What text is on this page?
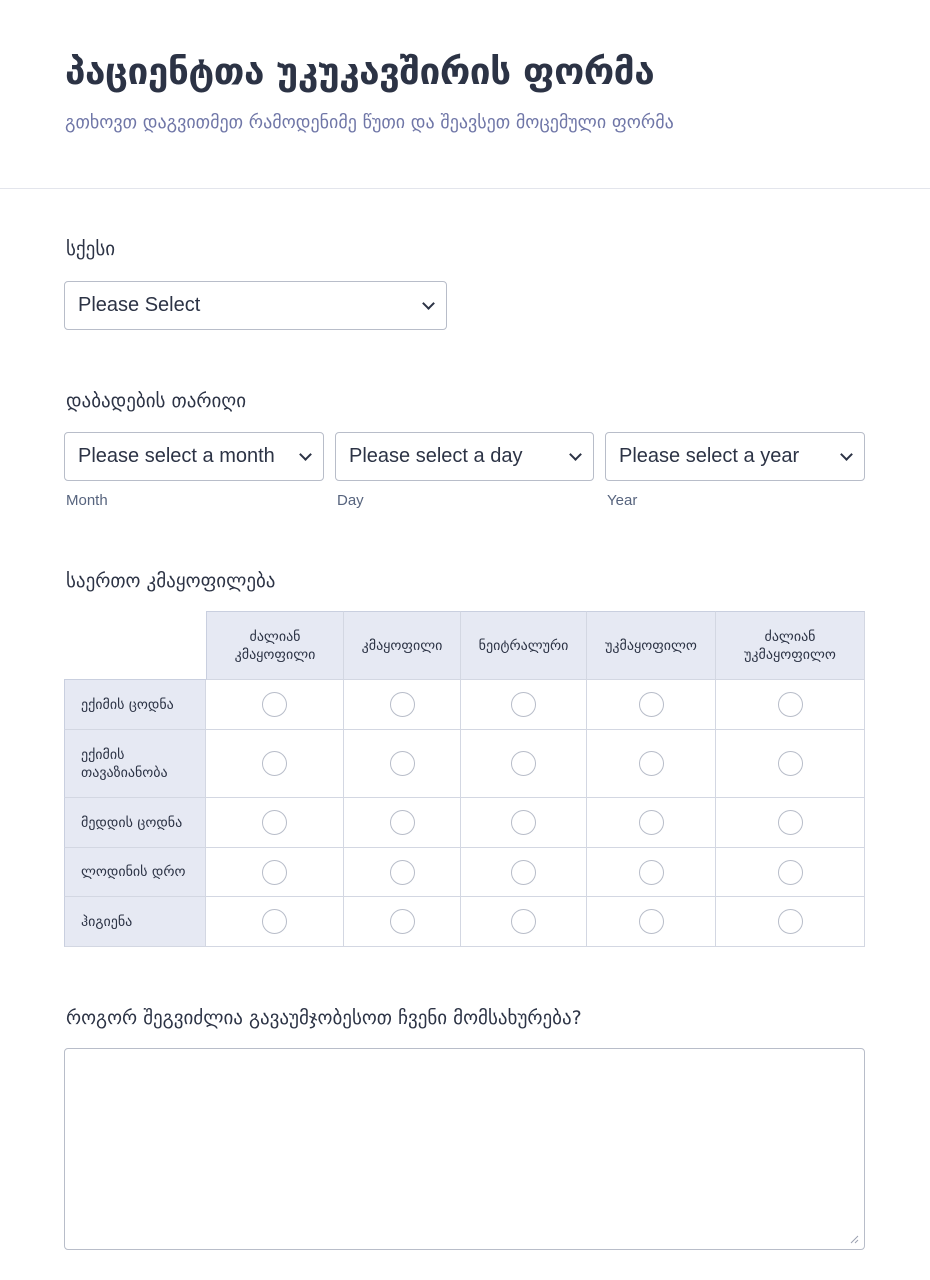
პაციენტთა უკუკავშირის ფორმა
გთხოვთ დაგვითმეთ რამოდენიმე წუთი და შეავსეთ მოცემული ფორმა
სქესი
Please Select
დაბადების თარიღი
Please select a month	Please select a day	Please select a year
Month	Day	Year
საერთო კმაყოფილება
	ძალიან კმაყოფილი	კმაყოფილი	ნეიტრალური	უკმაყოფილო	ძალიან უკმაყოფილო
ექიმის ცოდნა					
ექიმის თავაზიანობა					
მედდის ცოდნა					
ლოდინის დრო					
ჰიგიენა					
როგორ შეგვიძლია გავაუმჯობესოთ ჩვენი მომსახურება?
